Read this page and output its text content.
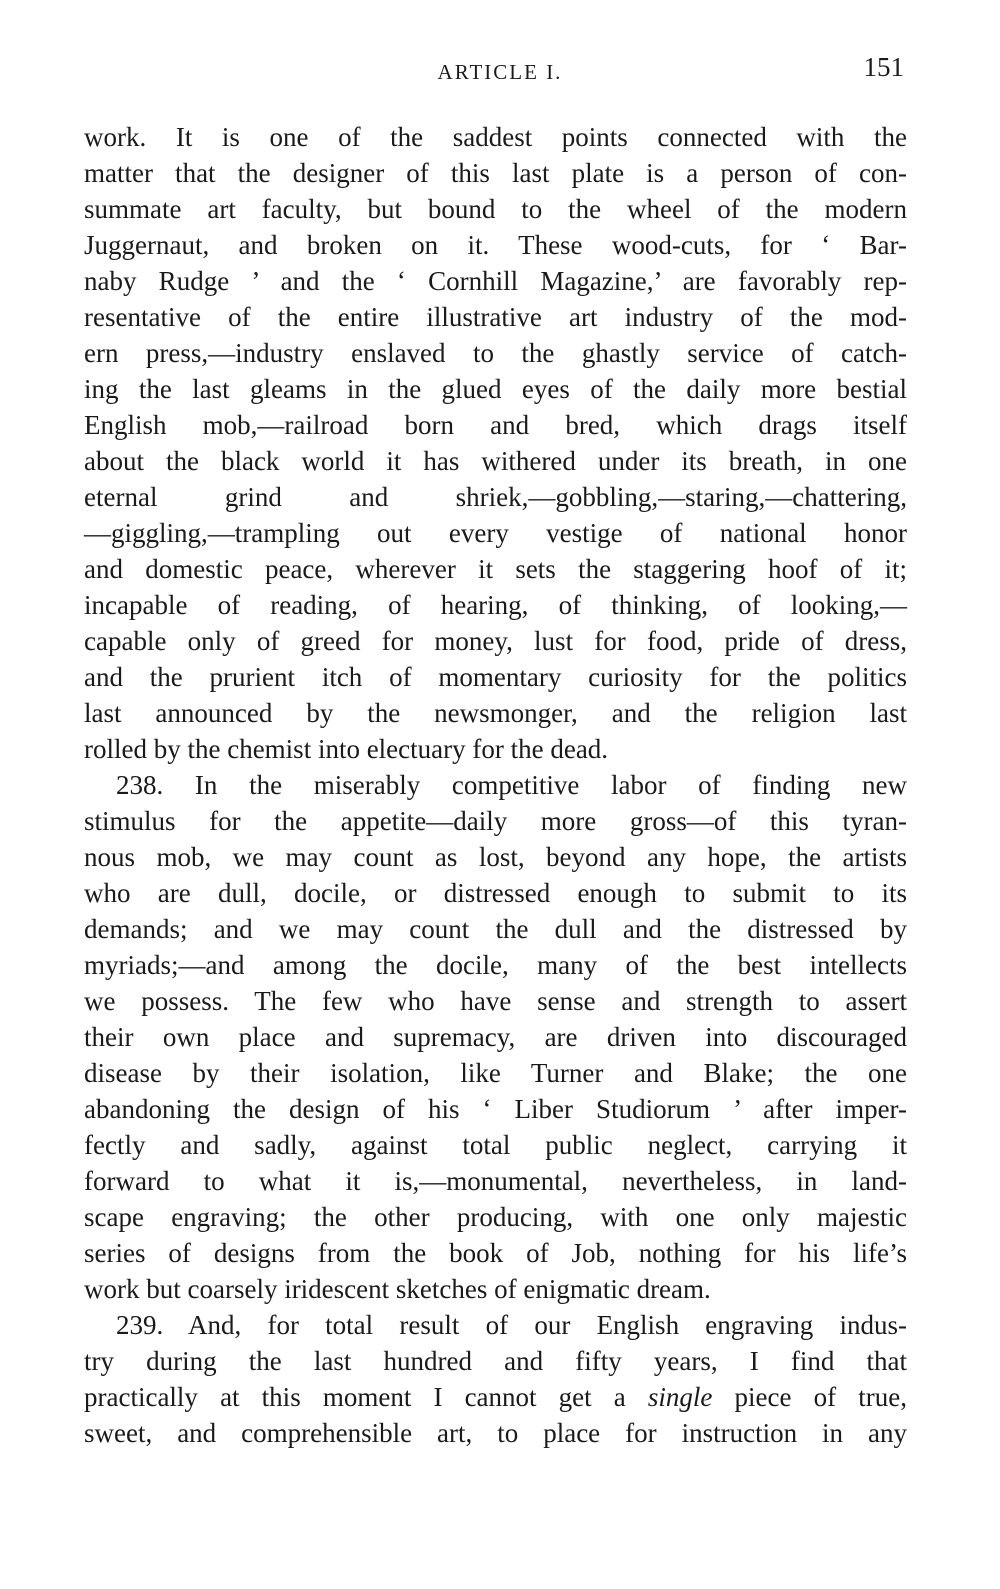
ARTICLE I.	151
work. It is one of the saddest points connected with the
matter that the designer of this last plate is a person of con-
summate art faculty, but bound to the wheel of the modern
Juggernaut, and broken on it. These wood-cuts, for ‘ Bar-
naby Rudge ’ and the ‘ Cornhill Magazine,’ are favorably rep-
resentative of the entire illustrative art industry of the mod-
ern press,—industry enslaved to the ghastly service of catch-
ing the last gleams in the glued eyes of the daily more bestial
English mob,—railroad born and bred, which drags itself
about the black world it has withered under its breath, in one
eternal grind and shriek,—gobbling,—staring,—chattering,
—giggling,—trampling out every vestige of national honor
and domestic peace, wherever it sets the staggering hoof of it;
incapable of reading, of hearing, of thinking, of looking,—
capable only of greed for money, lust for food, pride of dress,
and the prurient itch of momentary curiosity for the politics
last announced by the newsmonger, and the religion last
rolled by the chemist into electuary for the dead.
238. In the miserably competitive labor of finding new
stimulus for the appetite—daily more gross—of this tyran-
nous mob, we may count as lost, beyond any hope, the artists
who are dull, docile, or distressed enough to submit to its
demands; and we may count the dull and the distressed by
myriads;—and among the docile, many of the best intellects
we possess. The few who have sense and strength to assert
their own place and supremacy, are driven into discouraged
disease by their isolation, like Turner and Blake; the one
abandoning the design of his ‘ Liber Studiorum ’ after imper-
fectly and sadly, against total public neglect, carrying it
forward to what it is,—monumental, nevertheless, in land-
scape engraving; the other producing, with one only majestic
series of designs from the book of Job, nothing for his life’s
work but coarsely iridescent sketches of enigmatic dream.
239. And, for total result of our English engraving indus-
try during the last hundred and fifty years, I find that
practically at this moment I cannot get a single piece of true,
sweet, and comprehensible art, to place for instruction in any
